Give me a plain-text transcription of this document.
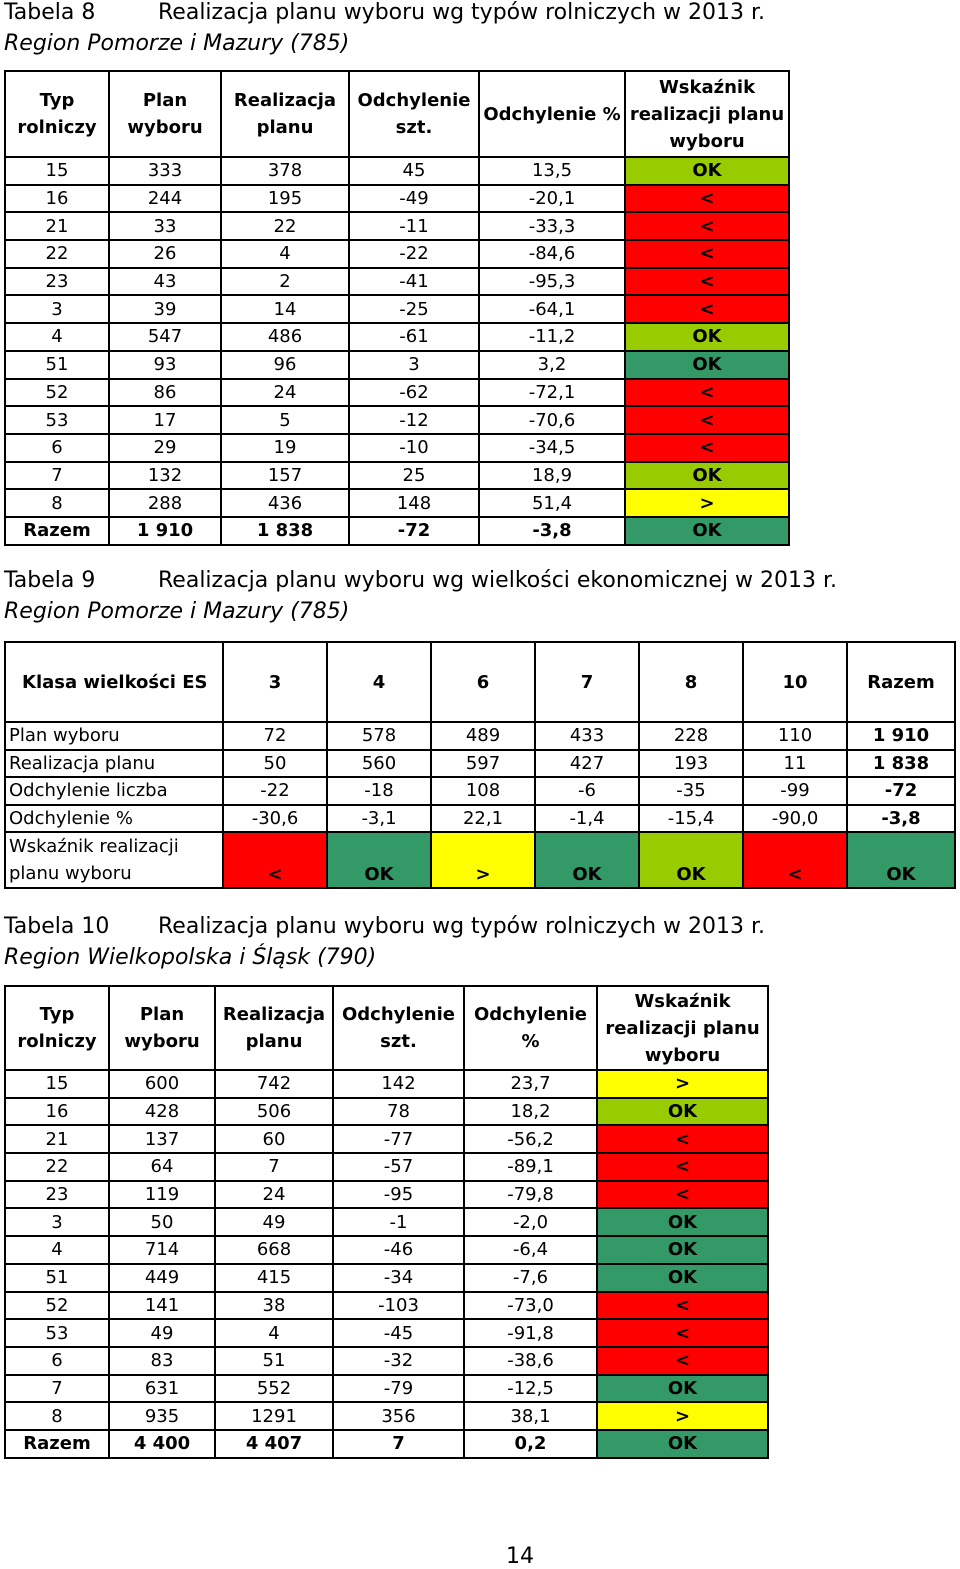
Tabela 8	Realizacja planu wyboru wg typów rolniczych w 2013 r.
Region Pomorze i Mazury (785)
Typ rolniczy	Plan wyboru	Realizacja planu	Odchylenie szt.	Odchylenie %	Wskaźnik realizacji planu wyboru
15	333	378	45	13,5	OK
16	244	195	-49	-20,1	<
21	33	22	-11	-33,3	<
22	26	4	-22	-84,6	<
23	43	2	-41	-95,3	<
3	39	14	-25	-64,1	<
4	547	486	-61	-11,2	OK
51	93	96	3	3,2	OK
52	86	24	-62	-72,1	<
53	17	5	-12	-70,6	<
6	29	19	-10	-34,5	<
7	132	157	25	18,9	OK
8	288	436	148	51,4	>
Razem	1 910	1 838	-72	-3,8	OK
Tabela 9	Realizacja planu wyboru wg wielkości ekonomicznej w 2013 r.
Region Pomorze i Mazury (785)
Klasa wielkości ES	3	4	6	7	8	10	Razem
Plan wyboru	72	578	489	433	228	110	1 910
Realizacja planu	50	560	597	427	193	11	1 838
Odchylenie liczba	-22	-18	108	-6	-35	-99	-72
Odchylenie %	-30,6	-3,1	22,1	-1,4	-15,4	-90,0	-3,8
Wskaźnik realizacji planu wyboru	<	OK	>	OK	OK	<	OK
Tabela 10 Realizacja planu wyboru wg typów rolniczych w 2013 r.
Region Wielkopolska i Śląsk (790)
Typ rolniczy	Plan wyboru	Realizacja planu	Odchylenie szt.	Odchylenie %	Wskaźnik realizacji planu wyboru
15	600	742	142	23,7	>
16	428	506	78	18,2	OK
21	137	60	-77	-56,2	<
22	64	7	-57	-89,1	<
23	119	24	-95	-79,8	<
3	50	49	-1	-2,0	OK
4	714	668	-46	-6,4	OK
51	449	415	-34	-7,6	OK
52	141	38	-103	-73,0	<
53	49	4	-45	-91,8	<
6	83	51	-32	-38,6	<
7	631	552	-79	-12,5	OK
8	935	1291	356	38,1	>
Razem	4 400	4 407	7	0,2	OK
14
